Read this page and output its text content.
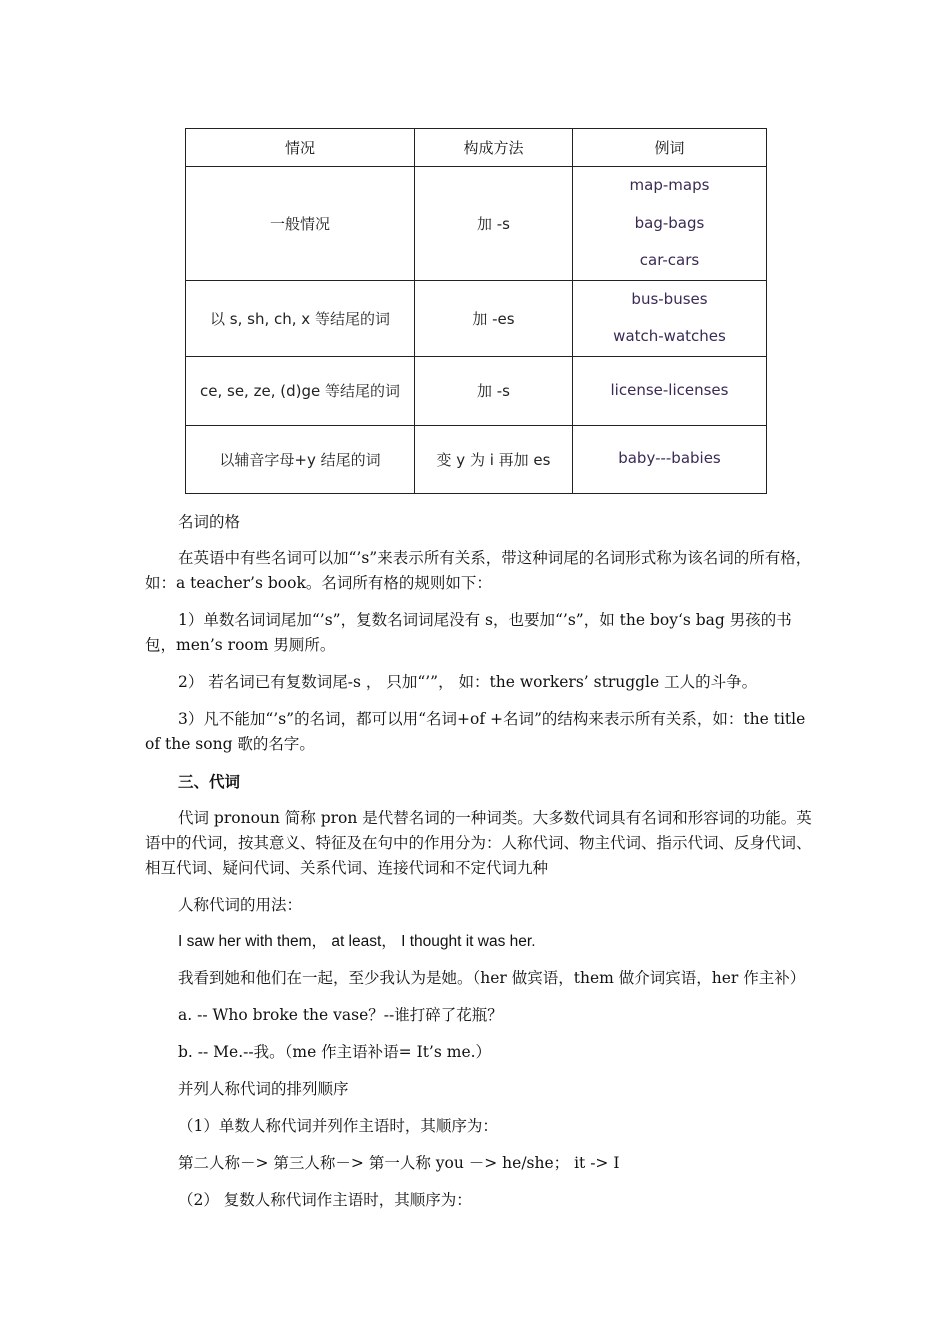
情况	构成方法	例词
一般情况	加 -s	map-maps
bag-bags
car-cars

以 s, sh, ch, x 等结尾的词	加 -es	bus-buses
watch-watches

ce, se, ze, (d)ge 等结尾的词	加 -s	license-licenses

以辅音字母+y 结尾的词	变 y 为 i 再加 es	baby---babies
名词的格
在英语中有些名词可以加“’s”来表示所有关系，带这种词尾的名词形式称为该名词的所有格，如：a teacher’s book。名词所有格的规则如下：
1）单数名词词尾加“’s”，复数名词词尾没有 s，也要加“’s”，如 the boy‘s bag 男孩的书包，men’s room 男厕所。
2） 若名词已有复数词尾-s ， 只加“’”， 如：the workers’ struggle 工人的斗争。
3）凡不能加“’s”的名词，都可以用“名词+of +名词”的结构来表示所有关系，如：the title of the song 歌的名字。
三、代词
代词 pronoun 简称 pron 是代替名词的一种词类。大多数代词具有名词和形容词的功能。英语中的代词，按其意义、特征及在句中的作用分为：人称代词、物主代词、指示代词、反身代词、相互代词、疑问代词、关系代词、连接代词和不定代词九种
人称代词的用法：
I saw her with them， at least， I thought it was her.
我看到她和他们在一起，至少我认为是她。（her 做宾语，them 做介词宾语，her 作主补）
a. -- Who broke the vase？--谁打碎了花瓶？
b. -- Me.--我。（me 作主语补语= It’s me.）
并列人称代词的排列顺序
（1）单数人称代词并列作主语时，其顺序为：
第二人称－> 第三人称－> 第一人称 you －> he/she； it -> I
（2） 复数人称代词作主语时，其顺序为：
